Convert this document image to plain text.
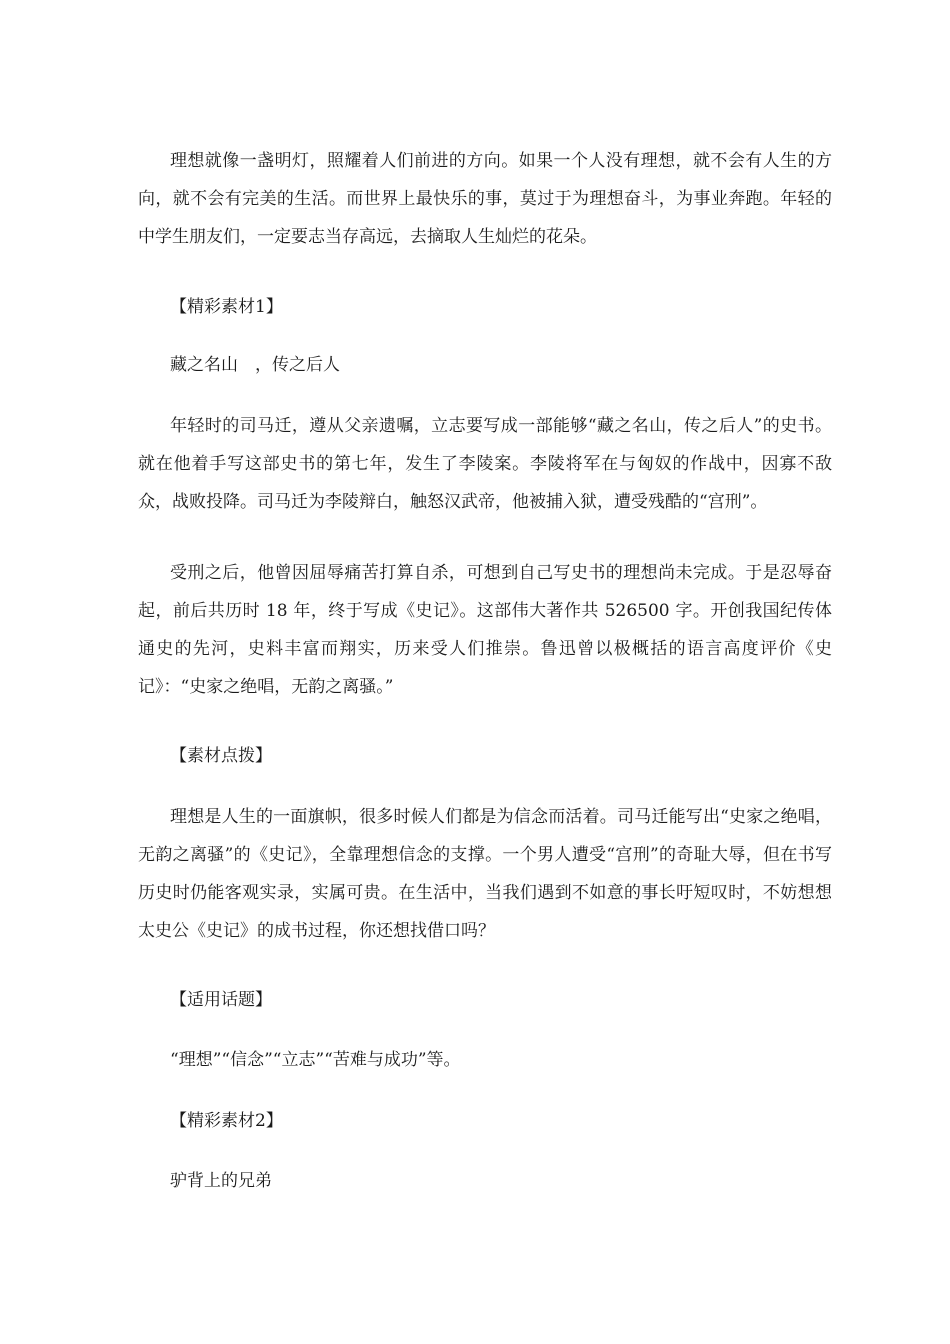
理想就像一盏明灯，照耀着人们前进的方向。如果一个人没有理想，就不会有人生的方向，就不会有完美的生活。而世界上最快乐的事，莫过于为理想奋斗，为事业奔跑。年轻的中学生朋友们，一定要志当存高远，去摘取人生灿烂的花朵。

【精彩素材1】

藏之名山　，传之后人

年轻时的司马迁，遵从父亲遗嘱，立志要写成一部能够“藏之名山，传之后人”的史书。就在他着手写这部史书的第七年，发生了李陵案。李陵将军在与匈奴的作战中，因寡不敌众，战败投降。司马迁为李陵辩白，触怒汉武帝，他被捕入狱，遭受残酷的“宫刑”。

受刑之后，他曾因屈辱痛苦打算自杀，可想到自己写史书的理想尚未完成。于是忍辱奋起，前后共历时 18 年，终于写成《史记》。这部伟大著作共 526500 字。开创我国纪传体通史的先河，史料丰富而翔实，历来受人们推崇。鲁迅曾以极概括的语言高度评价《史记》：“史家之绝唱，无韵之离骚。”

【素材点拨】

理想是人生的一面旗帜，很多时候人们都是为信念而活着。司马迁能写出“史家之绝唱，无韵之离骚”的《史记》，全靠理想信念的支撑。一个男人遭受“宫刑”的奇耻大辱，但在书写历史时仍能客观实录，实属可贵。在生活中，当我们遇到不如意的事长吁短叹时，不妨想想太史公《史记》的成书过程，你还想找借口吗？

【适用话题】

“理想”“信念”“立志”“苦难与成功”等。

【精彩素材2】

驴背上的兄弟
